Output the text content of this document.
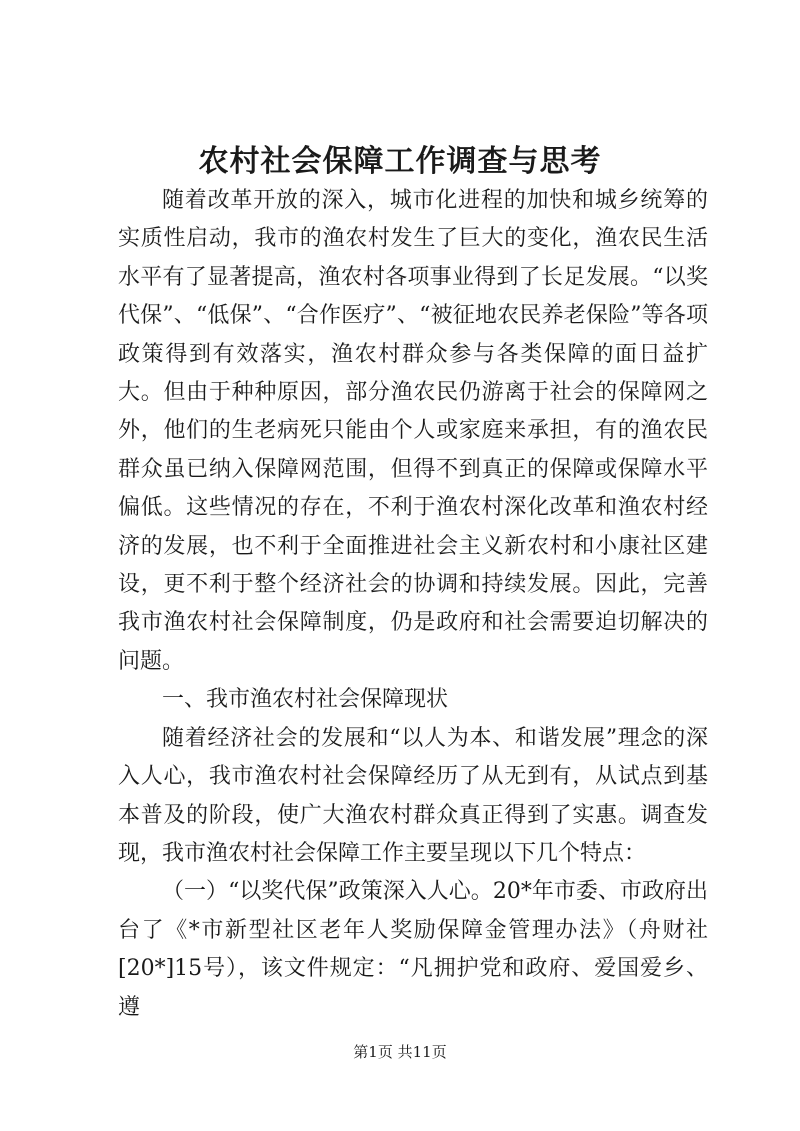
农村社会保障工作调查与思考

随着改革开放的深入，城市化进程的加快和城乡统筹的实质性启动，我市的渔农村发生了巨大的变化，渔农民生活水平有了显著提高，渔农村各项事业得到了长足发展。“以奖代保”、“低保”、“合作医疗”、“被征地农民养老保险”等各项政策得到有效落实，渔农村群众参与各类保障的面日益扩大。但由于种种原因，部分渔农民仍游离于社会的保障网之外，他们的生老病死只能由个人或家庭来承担，有的渔农民群众虽已纳入保障网范围，但得不到真正的保障或保障水平偏低。这些情况的存在，不利于渔农村深化改革和渔农村经济的发展，也不利于全面推进社会主义新农村和小康社区建设，更不利于整个经济社会的协调和持续发展。因此，完善我市渔农村社会保障制度，仍是政府和社会需要迫切解决的问题。

一、我市渔农村社会保障现状

随着经济社会的发展和“以人为本、和谐发展”理念的深入人心，我市渔农村社会保障经历了从无到有，从试点到基本普及的阶段，使广大渔农村群众真正得到了实惠。调查发现，我市渔农村社会保障工作主要呈现以下几个特点：

（一）“以奖代保”政策深入人心。20*年市委、市政府出台了《*市新型社区老年人奖励保障金管理办法》（舟财社[20*]15号），该文件规定：“凡拥护党和政府、爱国爱乡、遵

第1页 共11页
